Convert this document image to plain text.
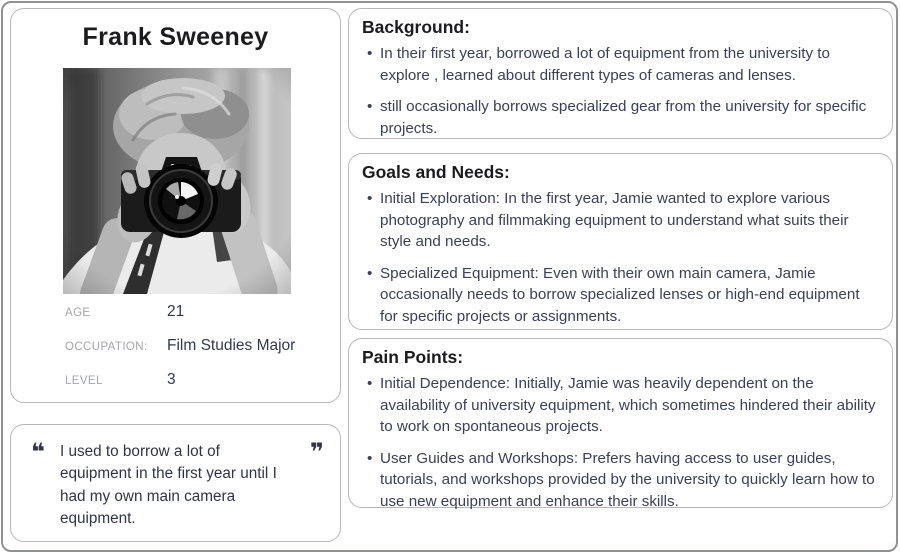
Frank Sweeney
AGE	21
OCCUPATION:	Film Studies Major
LEVEL	3
❝ I used to borrow a lot of equipment in the first year until I had my own main camera equipment.

❞
Background:
• In their first year, borrowed a lot of equipment from the university to explore , learned about different types of cameras and lenses.
• still occasionally borrows specialized gear from the university for specific projects.
Goals and Needs:
• Initial Exploration: In the first year, Jamie wanted to explore various photography and filmmaking equipment to understand what suits their style and needs.
• Specialized Equipment: Even with their own main camera, Jamie occasionally needs to borrow specialized lenses or high-end equipment for specific projects or assignments.
Pain Points:
• Initial Dependence: Initially, Jamie was heavily dependent on the availability of university equipment, which sometimes hindered their ability to work on spontaneous projects.
• User Guides and Workshops: Prefers having access to user guides, tutorials, and workshops provided by the university to quickly learn how to use new equipment and enhance their skills.
